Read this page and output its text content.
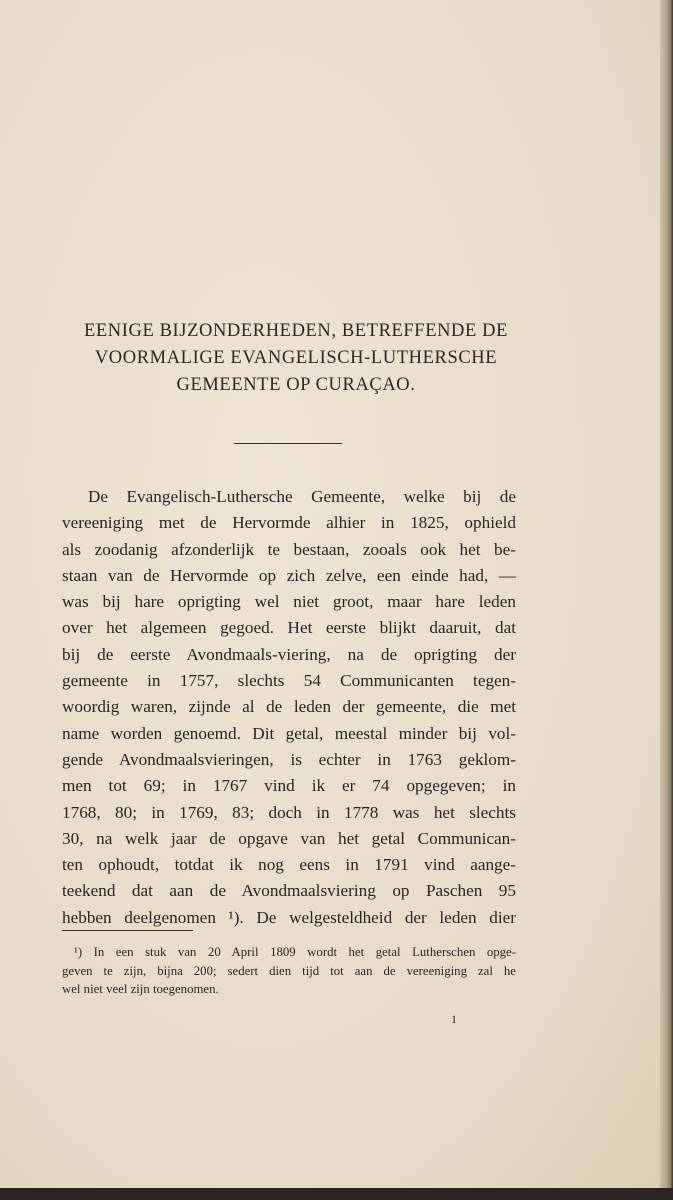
EENIGE BIJZONDERHEDEN, BETREFFENDE DE
VOORMALIGE EVANGELISCH-LUTHERSCHE
GEMEENTE OP CURAÇAO.
De Evangelisch-Luthersche Gemeente, welke bij de
vereeniging met de Hervormde alhier in 1825, ophield
als zoodanig afzonderlijk te bestaan, zooals ook het be-
staan van de Hervormde op zich zelve, een einde had, —
was bij hare oprigting wel niet groot, maar hare leden
over het algemeen gegoed. Het eerste blijkt daaruit, dat
bij de eerste Avondmaals-viering, na de oprigting der
gemeente in 1757, slechts 54 Communicanten tegen-
woordig waren, zijnde al de leden der gemeente, die met
name worden genoemd. Dit getal, meestal minder bij vol-
gende Avondmaalsvieringen, is echter in 1763 geklom-
men tot 69; in 1767 vind ik er 74 opgegeven; in
1768, 80; in 1769, 83; doch in 1778 was het slechts
30, na welk jaar de opgave van het getal Communican-
ten ophoudt, totdat ik nog eens in 1791 vind aange-
teekend dat aan de Avondmaalsviering op Paschen 95
hebben deelgenomen ¹). De welgesteldheid der leden dier
¹) In een stuk van 20 April 1809 wordt het getal Lutherschen opge-
geven te zijn, bijna 200; sedert dien tijd tot aan de vereeniging zal he
wel niet veel zijn toegenomen.
1
